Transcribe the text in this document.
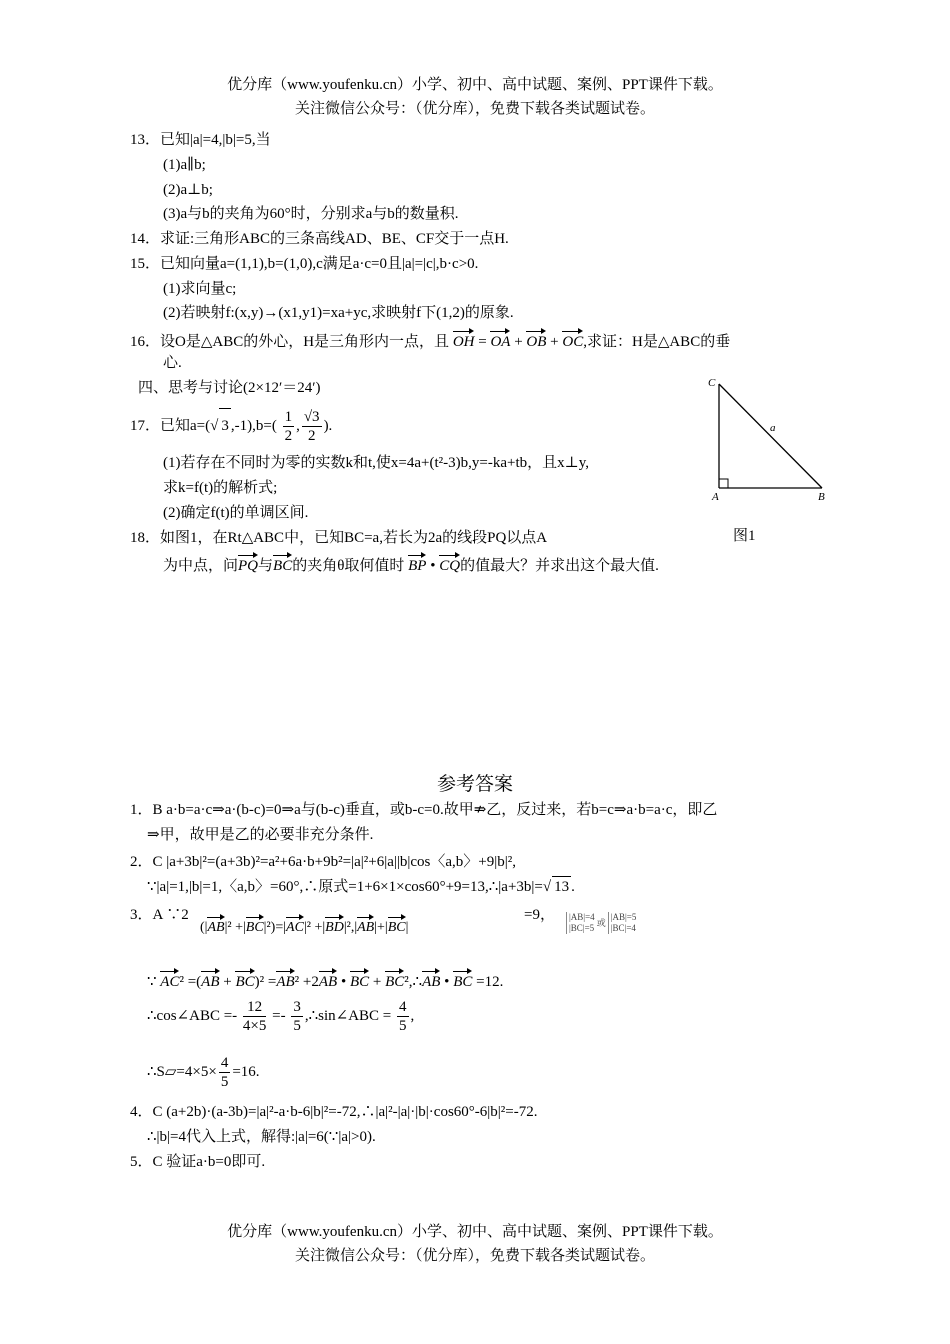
优分库（www.youfenku.cn）小学、初中、高中试题、案例、PPT课件下载。
关注微信公众号：（优分库），免费下载各类试题试卷。
13．已知|a|=4,|b|=5,当
(1)a∥b;
(2)a⊥b;
(3)a与b的夹角为60°时，分别求a与b的数量积.
14．求证:三角形ABC的三条高线AD、BE、CF交于一点H.
15．已知向量a=(1,1),b=(1,0),c满足a·c=0且|a|=|c|,b·c>0.
(1)求向量c;
(2)若映射f:(x,y)→(x1,y1)=xa+yc,求映射f下(1,2)的原象.
16．设O是△ABC的外心，H是三角形内一点，且 OH = OA + OB + OC,求证：H是△ABC的垂
心.
四、思考与讨论(2×12′＝24′)
17．已知a=(√ 3 $,-1),b=( \frac{1}{2}$ , $\frac{√3}{2}$ ).
(1)若存在不同时为零的实数k和t,使x=4a+(t²-3)b,y=-ka+tb，且x⊥y,
求k=f(t)的解析式;
(2)确定f(t)的单调区间.
C
A	B
a
图1
18．如图1，在Rt△ABC中，已知BC=a,若长为2a的线段PQ以点A
为中点，问PQ与BC的夹角θ取何值时 BP • CQ的值最大？并求出这个最大值.
参考答案
1．B a·b=a·c⇒a·(b-c)=0⇒a与(b-c)垂直，或b-c=0.故甲⇏乙，反过来，若b=c⇒a·b=a·c，即乙
⇒甲，故甲是乙的必要非充分条件.
2．C |a+3b|²=(a+3b)²=a²+6a·b+9b²=|a|²+6|a||b|cos〈a,b〉+9|b|²,
∵|a|=1,|b|=1,〈a,b〉=60°,∴原式=1+6×1×cos60°+9=13,∴|a+3b|=√ 13 .
3．A ∵2
(|AB|² +|BC|²)=|AC|² +|BD|²,|AB|+|BC|
=9， |AB|=4
|BC|=5
或
|AB|=5
|BC|=4
∵ AC² =(AB + BC)² =AB² +2AB • BC + BC²,∴AB • BC =12.
∴cos∠ABC =- $\frac{12}{4\times 5} =- \frac{3}{5}$ ,∴sin∠ABC = $\frac{4}{5}$ ,
∴S▱=4×5× $\frac{4}{5} =16$.
4．C (a+2b)·(a-3b)=|a|²-a·b-6|b|²=-72,∴|a|²-|a|·|b|·cos60°-6|b|²=-72.
∴|b|=4代入上式，解得:|a|=6(∵|a|>0).
5．C 验证a·b=0即可.
优分库（www.youfenku.cn）小学、初中、高中试题、案例、PPT课件下载。
关注微信公众号：（优分库），免费下载各类试题试卷。
